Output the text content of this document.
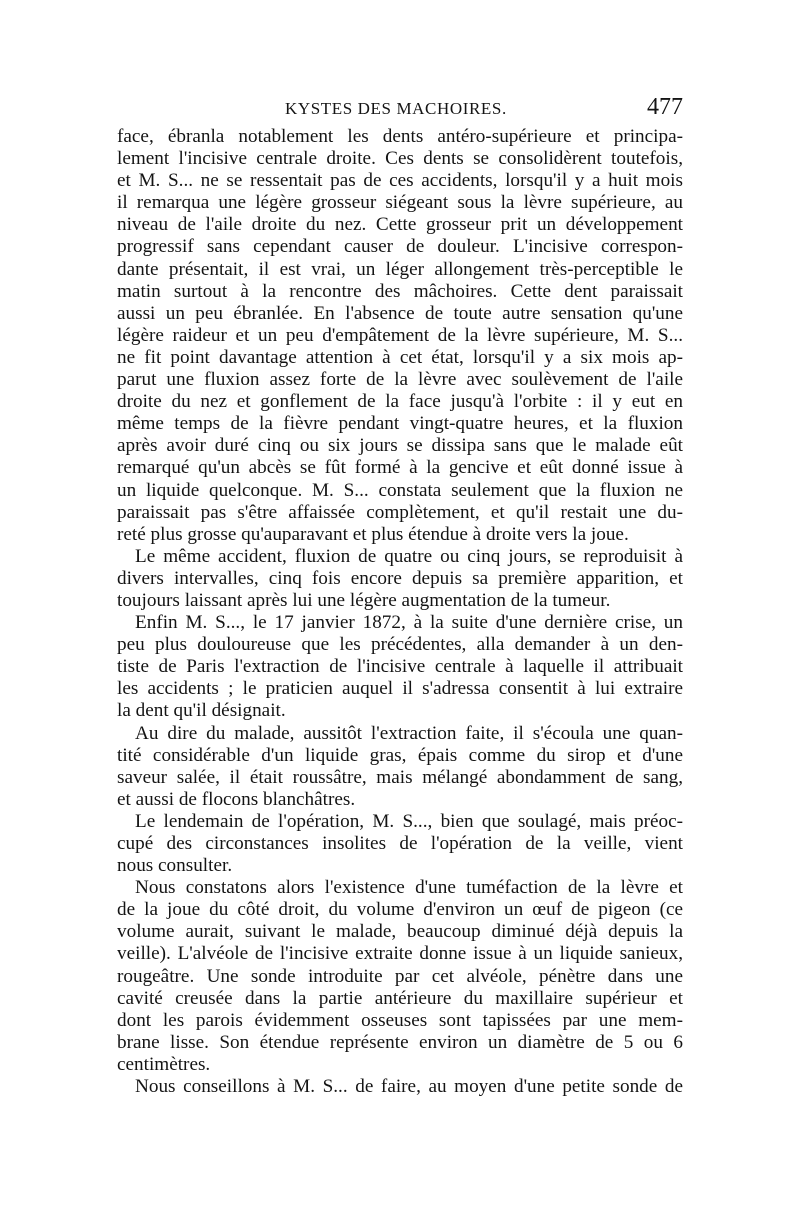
KYSTES DES MACHOIRES.	477
face, ébranla notablement les dents antéro-supérieure et principa-
lement l'incisive centrale droite. Ces dents se consolidèrent toutefois,
et M. S... ne se ressentait pas de ces accidents, lorsqu'il y a huit mois
il remarqua une légère grosseur siégeant sous la lèvre supérieure, au
niveau de l'aile droite du nez. Cette grosseur prit un développement
progressif sans cependant causer de douleur. L'incisive correspon-
dante présentait, il est vrai, un léger allongement très-perceptible le
matin surtout à la rencontre des mâchoires. Cette dent paraissait
aussi un peu ébranlée. En l'absence de toute autre sensation qu'une
légère raideur et un peu d'empâtement de la lèvre supérieure, M. S...
ne fit point davantage attention à cet état, lorsqu'il y a six mois ap-
parut une fluxion assez forte de la lèvre avec soulèvement de l'aile
droite du nez et gonflement de la face jusqu'à l'orbite : il y eut en
même temps de la fièvre pendant vingt-quatre heures, et la fluxion
après avoir duré cinq ou six jours se dissipa sans que le malade eût
remarqué qu'un abcès se fût formé à la gencive et eût donné issue à
un liquide quelconque. M. S... constata seulement que la fluxion ne
paraissait pas s'être affaissée complètement, et qu'il restait une du-
reté plus grosse qu'auparavant et plus étendue à droite vers la joue.
Le même accident, fluxion de quatre ou cinq jours, se reproduisit à
divers intervalles, cinq fois encore depuis sa première apparition, et
toujours laissant après lui une légère augmentation de la tumeur.
Enfin M. S..., le 17 janvier 1872, à la suite d'une dernière crise, un
peu plus douloureuse que les précédentes, alla demander à un den-
tiste de Paris l'extraction de l'incisive centrale à laquelle il attribuait
les accidents ; le praticien auquel il s'adressa consentit à lui extraire
la dent qu'il désignait.
Au dire du malade, aussitôt l'extraction faite, il s'écoula une quan-
tité considérable d'un liquide gras, épais comme du sirop et d'une
saveur salée, il était roussâtre, mais mélangé abondamment de sang,
et aussi de flocons blanchâtres.
Le lendemain de l'opération, M. S..., bien que soulagé, mais préoc-
cupé des circonstances insolites de l'opération de la veille, vient
nous consulter.
Nous constatons alors l'existence d'une tuméfaction de la lèvre et
de la joue du côté droit, du volume d'environ un œuf de pigeon (ce
volume aurait, suivant le malade, beaucoup diminué déjà depuis la
veille). L'alvéole de l'incisive extraite donne issue à un liquide sanieux,
rougeâtre. Une sonde introduite par cet alvéole, pénètre dans une
cavité creusée dans la partie antérieure du maxillaire supérieur et
dont les parois évidemment osseuses sont tapissées par une mem-
brane lisse. Son étendue représente environ un diamètre de 5 ou 6
centimètres.
Nous conseillons à M. S... de faire, au moyen d'une petite sonde de
